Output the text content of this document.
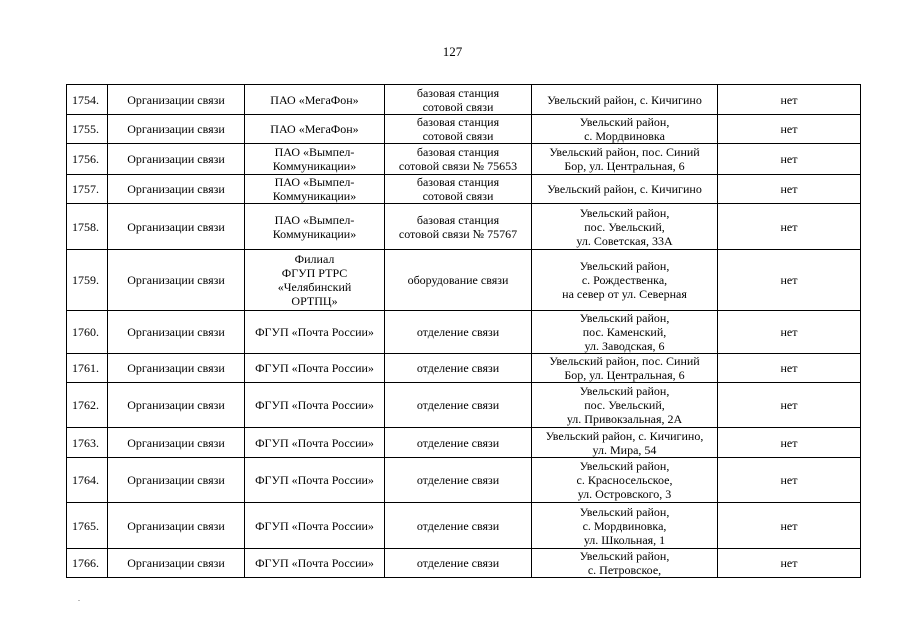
127
1754.	Организации связи	ПАО «МегаФон»	базовая станция
сотовой связи	Увельский район, с. Кичигино	нет
1755.	Организации связи	ПАО «МегаФон»	базовая станция
сотовой связи	Увельский район,
с. Мордвиновка	нет
1756.	Организации связи	ПАО «Вымпел-
Коммуникации»	базовая станция
сотовой связи № 75653	Увельский район, пос. Синий
Бор, ул. Центральная, 6	нет
1757.	Организации связи	ПАО «Вымпел-
Коммуникации»	базовая станция
сотовой связи	Увельский район, с. Кичигино	нет
1758.	Организации связи	ПАО «Вымпел-
Коммуникации»	базовая станция
сотовой связи № 75767	Увельский район,
пос. Увельский,
ул. Советская, 33А	нет
1759.	Организации связи	Филиал
ФГУП РТРС
«Челябинский
ОРТПЦ»	оборудование связи	Увельский район,
с. Рождественка,
на север от ул. Северная	нет
1760.	Организации связи	ФГУП «Почта России»	отделение связи	Увельский район,
пос. Каменский,
ул. Заводская, 6	нет
1761.	Организации связи	ФГУП «Почта России»	отделение связи	Увельский район, пос. Синий
Бор, ул. Центральная, 6	нет
1762.	Организации связи	ФГУП «Почта России»	отделение связи	Увельский район,
пос. Увельский,
ул. Привокзальная, 2А	нет
1763.	Организации связи	ФГУП «Почта России»	отделение связи	Увельский район, с. Кичигино,
ул. Мира, 54	нет
1764.	Организации связи	ФГУП «Почта России»	отделение связи	Увельский район,
с. Красносельское,
ул. Островского, 3	нет
1765.	Организации связи	ФГУП «Почта России»	отделение связи	Увельский район,
с. Мордвиновка,
ул. Школьная, 1	нет
1766.	Организации связи	ФГУП «Почта России»	отделение связи	Увельский район,
с. Петровское,	нет
